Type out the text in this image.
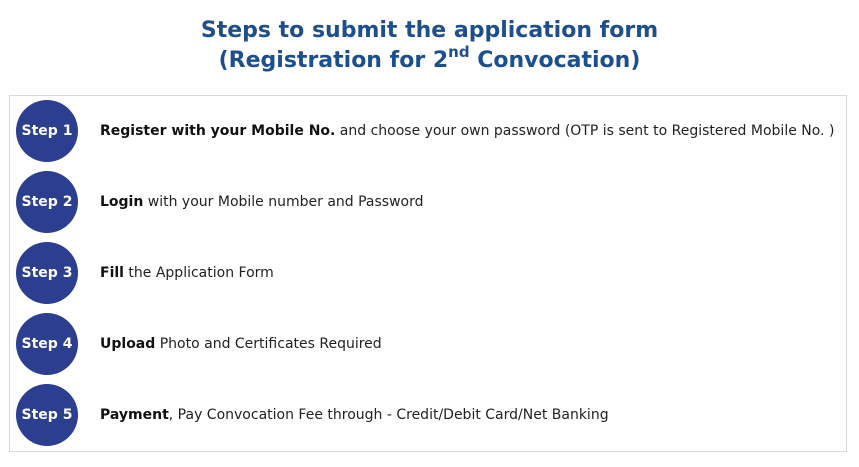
Steps to submit the application form
(Registration for 2nd Convocation)
Step 1	Register with your Mobile No. and choose your own password (OTP is sent to Registered Mobile No. )
Step 2	Login with your Mobile number and Password
Step 3	Fill the Application Form
Step 4	Upload Photo and Certificates Required
Step 5	Payment, Pay Convocation Fee through - Credit/Debit Card/Net Banking
